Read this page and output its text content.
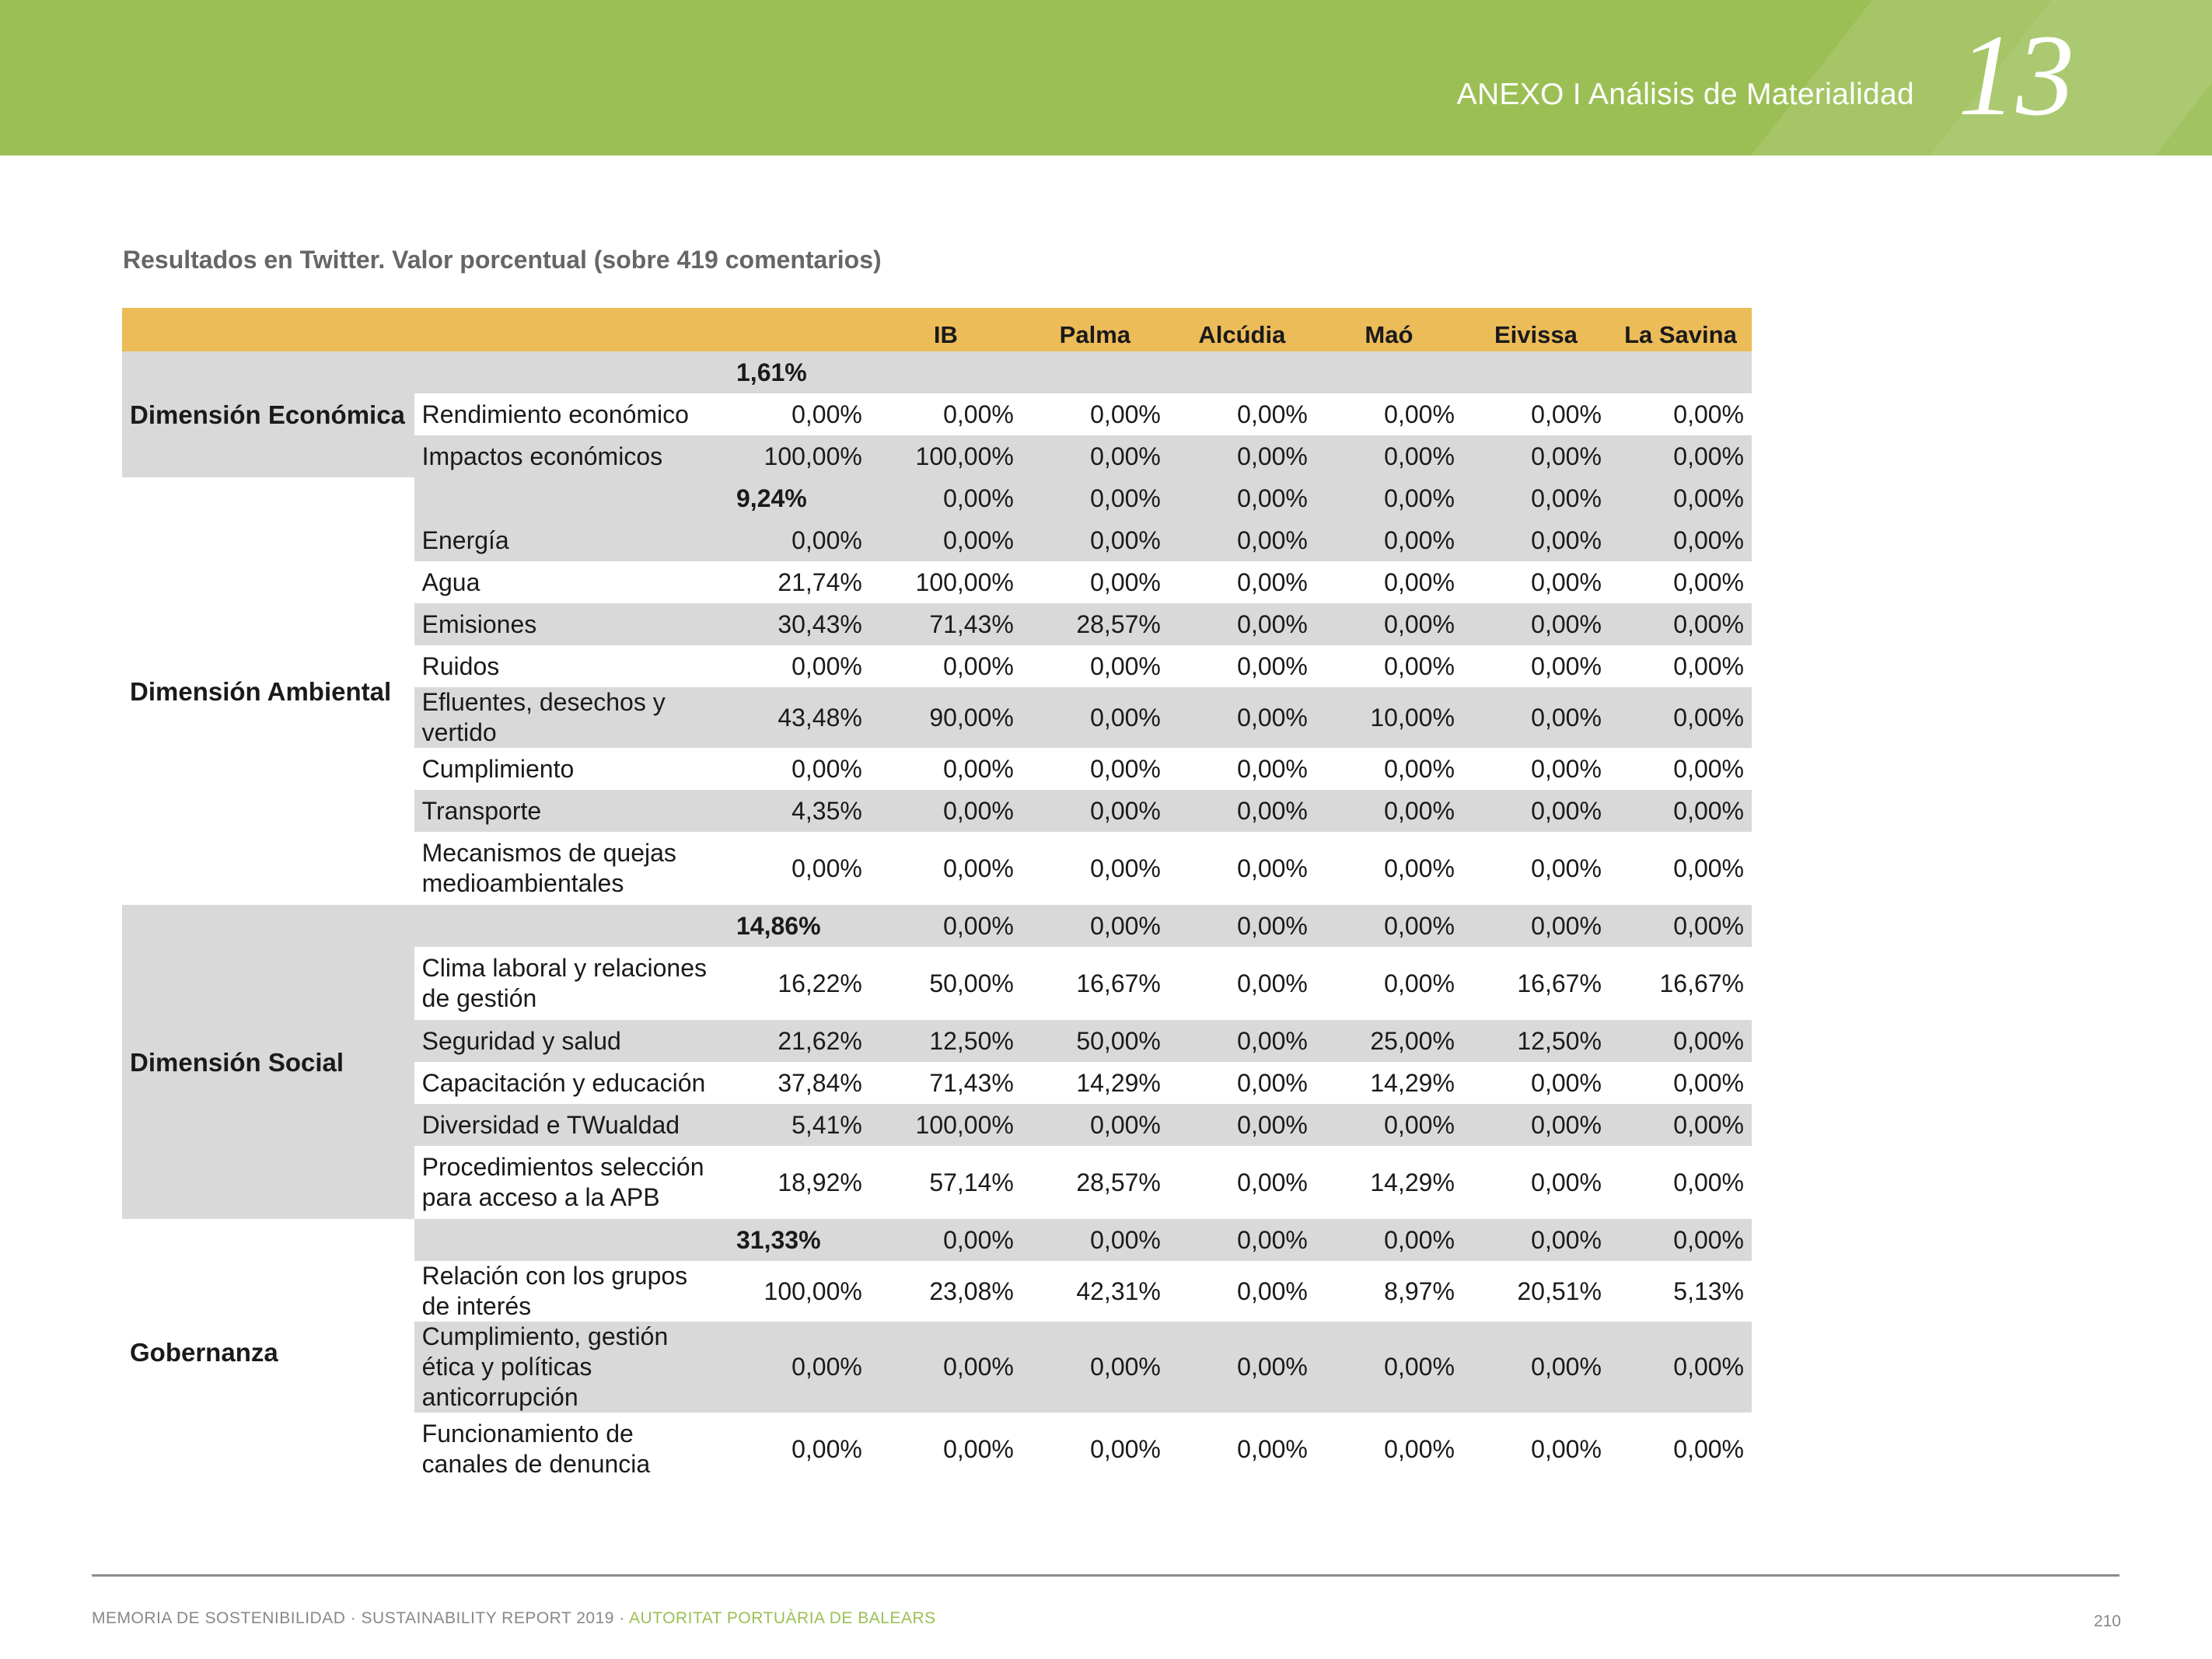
ANEXO I Análisis de Materialidad 13
Resultados en Twitter. Valor porcentual (sobre 419 comentarios)
			IB	Palma	Alcúdia	Maó	Eivissa	La Savina
Dimensión Económica		1,61%						
	Rendimiento económico	0,00%	0,00%	0,00%	0,00%	0,00%	0,00%	0,00%
	Impactos económicos	100,00%	100,00%	0,00%	0,00%	0,00%	0,00%	0,00%
Dimensión Ambiental		9,24%	0,00%	0,00%	0,00%	0,00%	0,00%	0,00%
	Energía	0,00%	0,00%	0,00%	0,00%	0,00%	0,00%	0,00%
	Agua	21,74%	100,00%	0,00%	0,00%	0,00%	0,00%	0,00%
	Emisiones	30,43%	71,43%	28,57%	0,00%	0,00%	0,00%	0,00%
	Ruidos	0,00%	0,00%	0,00%	0,00%	0,00%	0,00%	0,00%
	Efluentes, desechos y vertido	43,48%	90,00%	0,00%	0,00%	10,00%	0,00%	0,00%
	Cumplimiento	0,00%	0,00%	0,00%	0,00%	0,00%	0,00%	0,00%
	Transporte	4,35%	0,00%	0,00%	0,00%	0,00%	0,00%	0,00%
	Mecanismos de quejas medioambientales	0,00%	0,00%	0,00%	0,00%	0,00%	0,00%	0,00%
Dimensión Social		14,86%	0,00%	0,00%	0,00%	0,00%	0,00%	0,00%
	Clima laboral y relaciones de gestión	16,22%	50,00%	16,67%	0,00%	0,00%	16,67%	16,67%
	Seguridad y salud	21,62%	12,50%	50,00%	0,00%	25,00%	12,50%	0,00%
	Capacitación y educación	37,84%	71,43%	14,29%	0,00%	14,29%	0,00%	0,00%
	Diversidad e TWualdad	5,41%	100,00%	0,00%	0,00%	0,00%	0,00%	0,00%
	Procedimientos selección para acceso a la APB	18,92%	57,14%	28,57%	0,00%	14,29%	0,00%	0,00%
Gobernanza		31,33%	0,00%	0,00%	0,00%	0,00%	0,00%	0,00%
	Relación con los grupos de interés	100,00%	23,08%	42,31%	0,00%	8,97%	20,51%	5,13%
	Cumplimiento, gestión ética y políticas anticorrupción	0,00%	0,00%	0,00%	0,00%	0,00%	0,00%	0,00%
	Funcionamiento de canales de denuncia	0,00%	0,00%	0,00%	0,00%	0,00%	0,00%	0,00%
MEMORIA DE SOSTENIBILIDAD · SUSTAINABILITY REPORT 2019 · AUTORITAT PORTUÀRIA DE BALEARS	210
